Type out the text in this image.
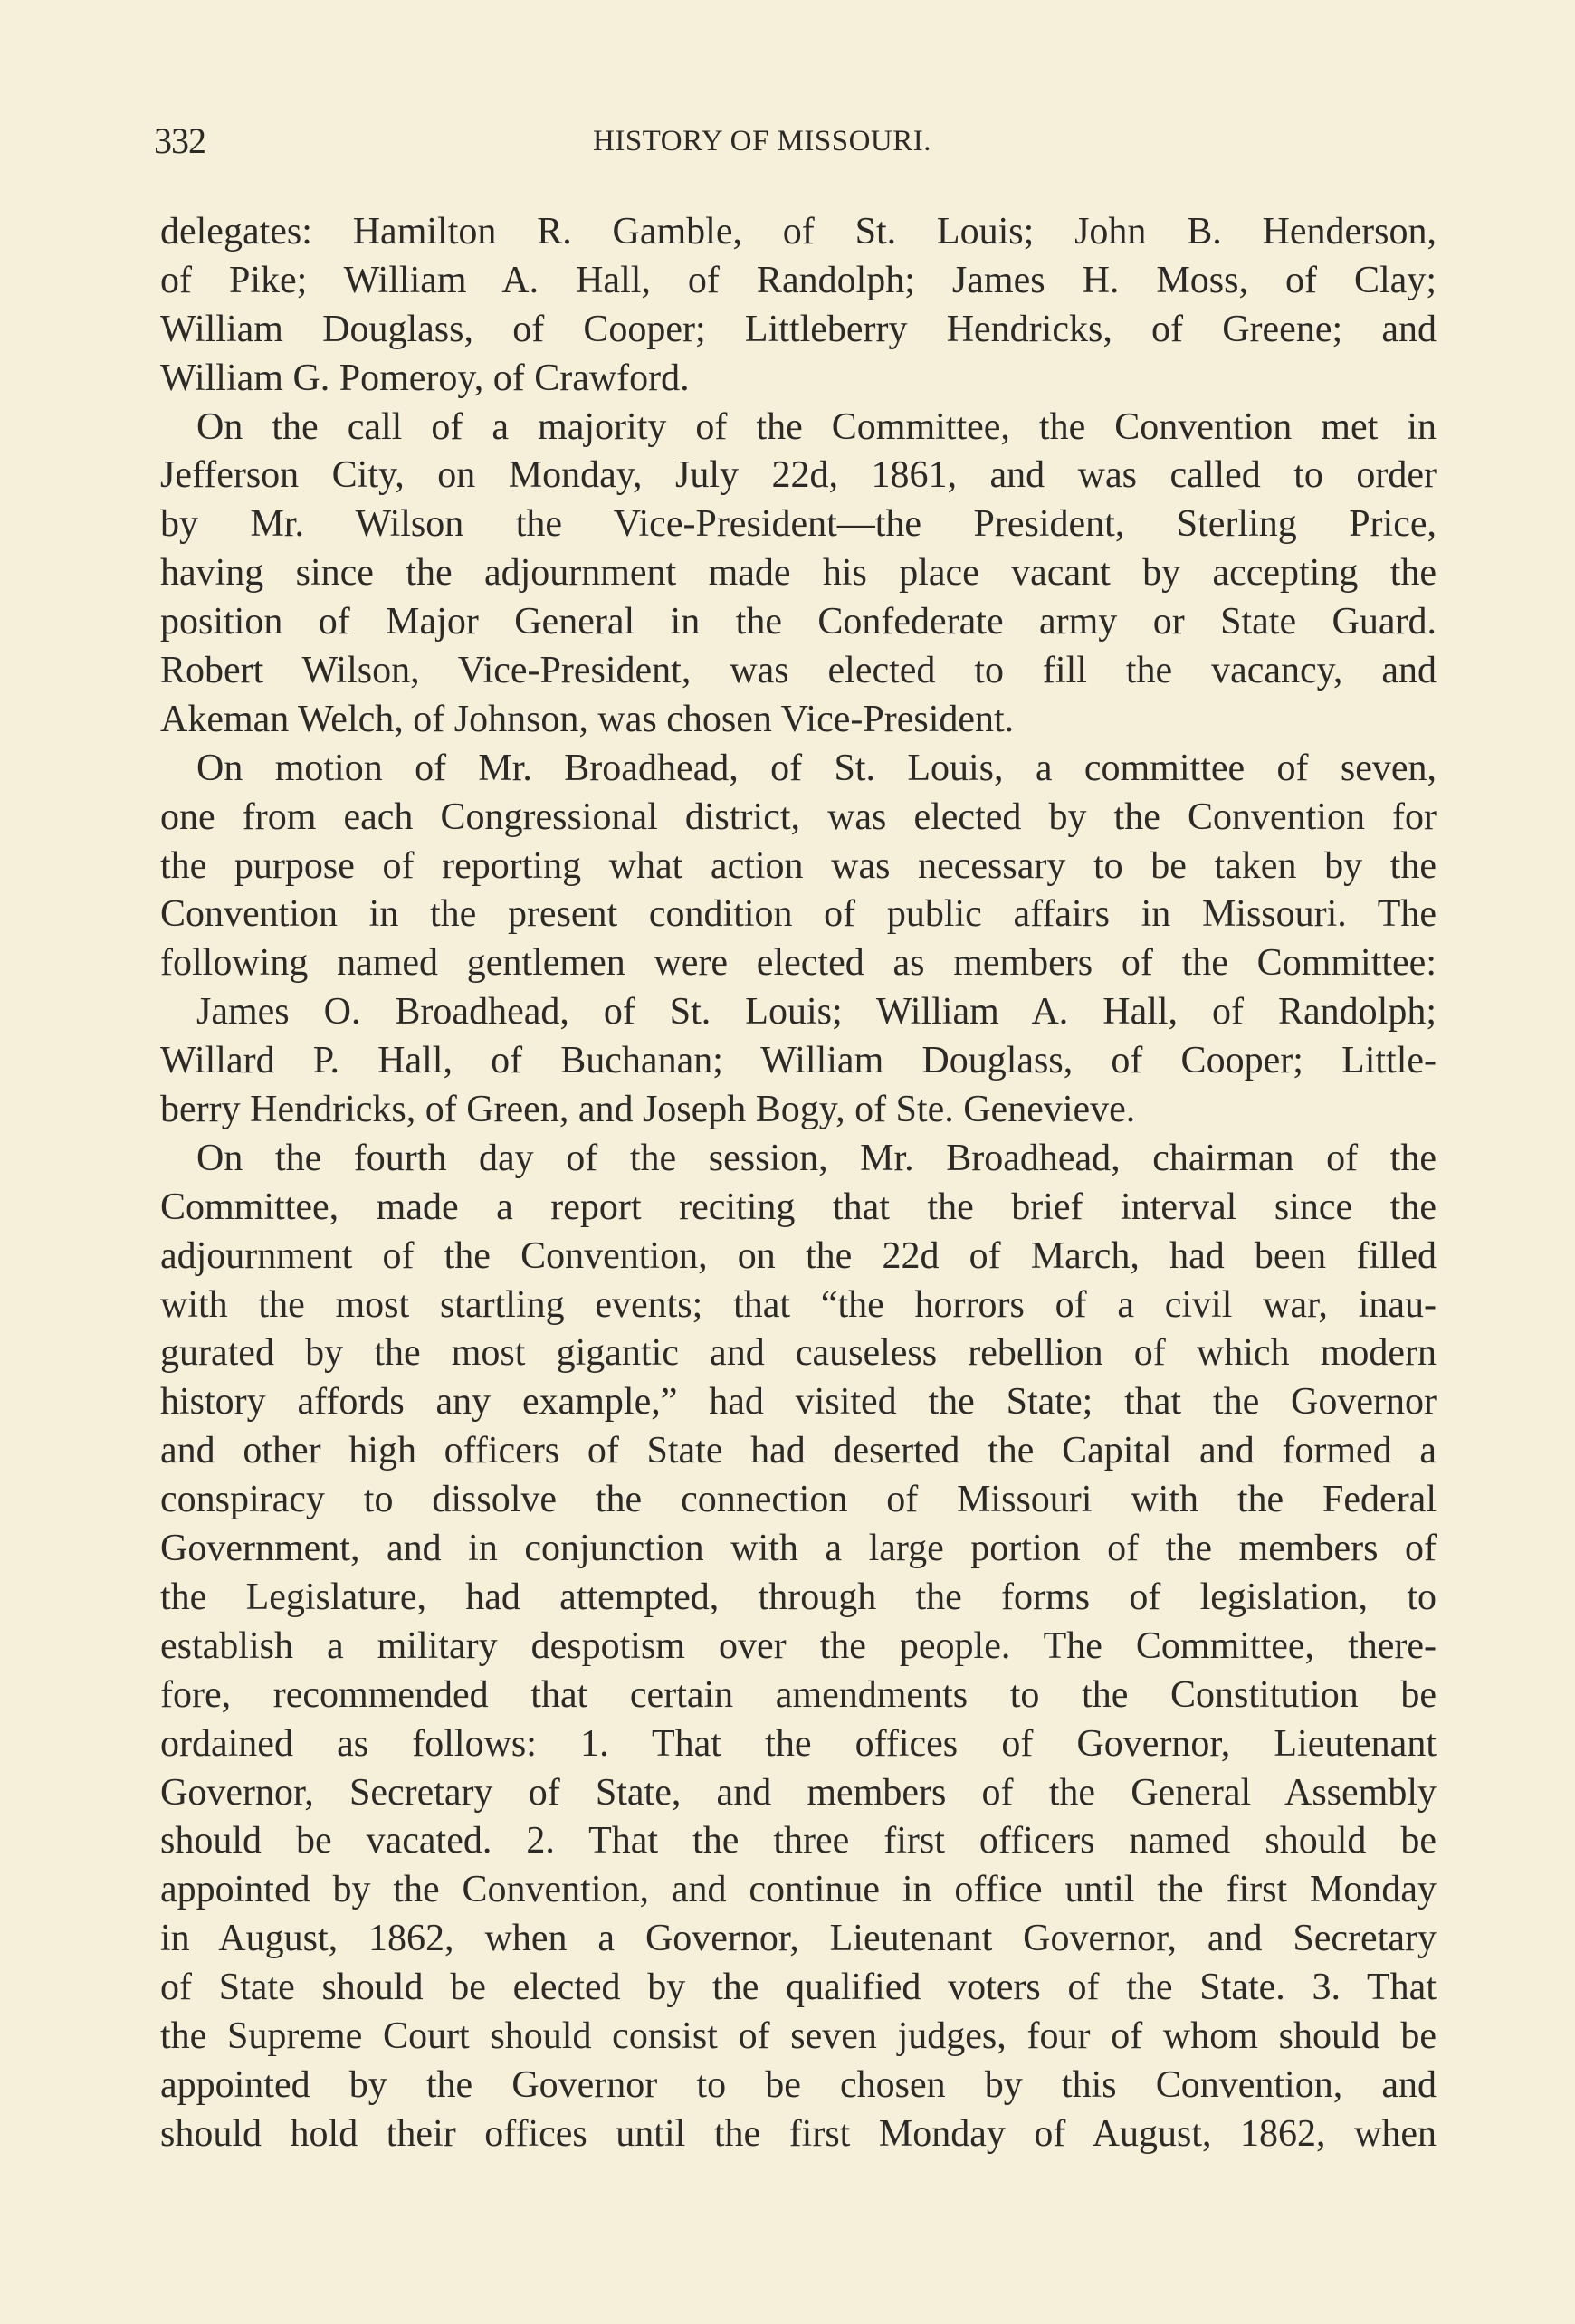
332	HISTORY OF MISSOURI.
delegates: Hamilton R. Gamble, of St. Louis; John B. Henderson,
of Pike; William A. Hall, of Randolph; James H. Moss, of Clay;
William Douglass, of Cooper; Littleberry Hendricks, of Greene; and
William G. Pomeroy, of Crawford.
On the call of a majority of the Committee, the Convention met in
Jefferson City, on Monday, July 22d, 1861, and was called to order
by Mr. Wilson the Vice-President—the President, Sterling Price,
having since the adjournment made his place vacant by accepting the
position of Major General in the Confederate army or State Guard.
Robert Wilson, Vice-President, was elected to fill the vacancy, and
Akeman Welch, of Johnson, was chosen Vice-President.
On motion of Mr. Broadhead, of St. Louis, a committee of seven,
one from each Congressional district, was elected by the Convention for
the purpose of reporting what action was necessary to be taken by the
Convention in the present condition of public affairs in Missouri. The
following named gentlemen were elected as members of the Committee:
James O. Broadhead, of St. Louis; William A. Hall, of Randolph;
Willard P. Hall, of Buchanan; William Douglass, of Cooper; Little-
berry Hendricks, of Green, and Joseph Bogy, of Ste. Genevieve.
On the fourth day of the session, Mr. Broadhead, chairman of the
Committee, made a report reciting that the brief interval since the
adjournment of the Convention, on the 22d of March, had been filled
with the most startling events; that “the horrors of a civil war, inau-
gurated by the most gigantic and causeless rebellion of which modern
history affords any example,” had visited the State; that the Governor
and other high officers of State had deserted the Capital and formed a
conspiracy to dissolve the connection of Missouri with the Federal
Government, and in conjunction with a large portion of the members of
the Legislature, had attempted, through the forms of legislation, to
establish a military despotism over the people. The Committee, there-
fore, recommended that certain amendments to the Constitution be
ordained as follows: 1. That the offices of Governor, Lieutenant
Governor, Secretary of State, and members of the General Assembly
should be vacated. 2. That the three first officers named should be
appointed by the Convention, and continue in office until the first Monday
in August, 1862, when a Governor, Lieutenant Governor, and Secretary
of State should be elected by the qualified voters of the State. 3. That
the Supreme Court should consist of seven judges, four of whom should be
appointed by the Governor to be chosen by this Convention, and
should hold their offices until the first Monday of August, 1862, when
